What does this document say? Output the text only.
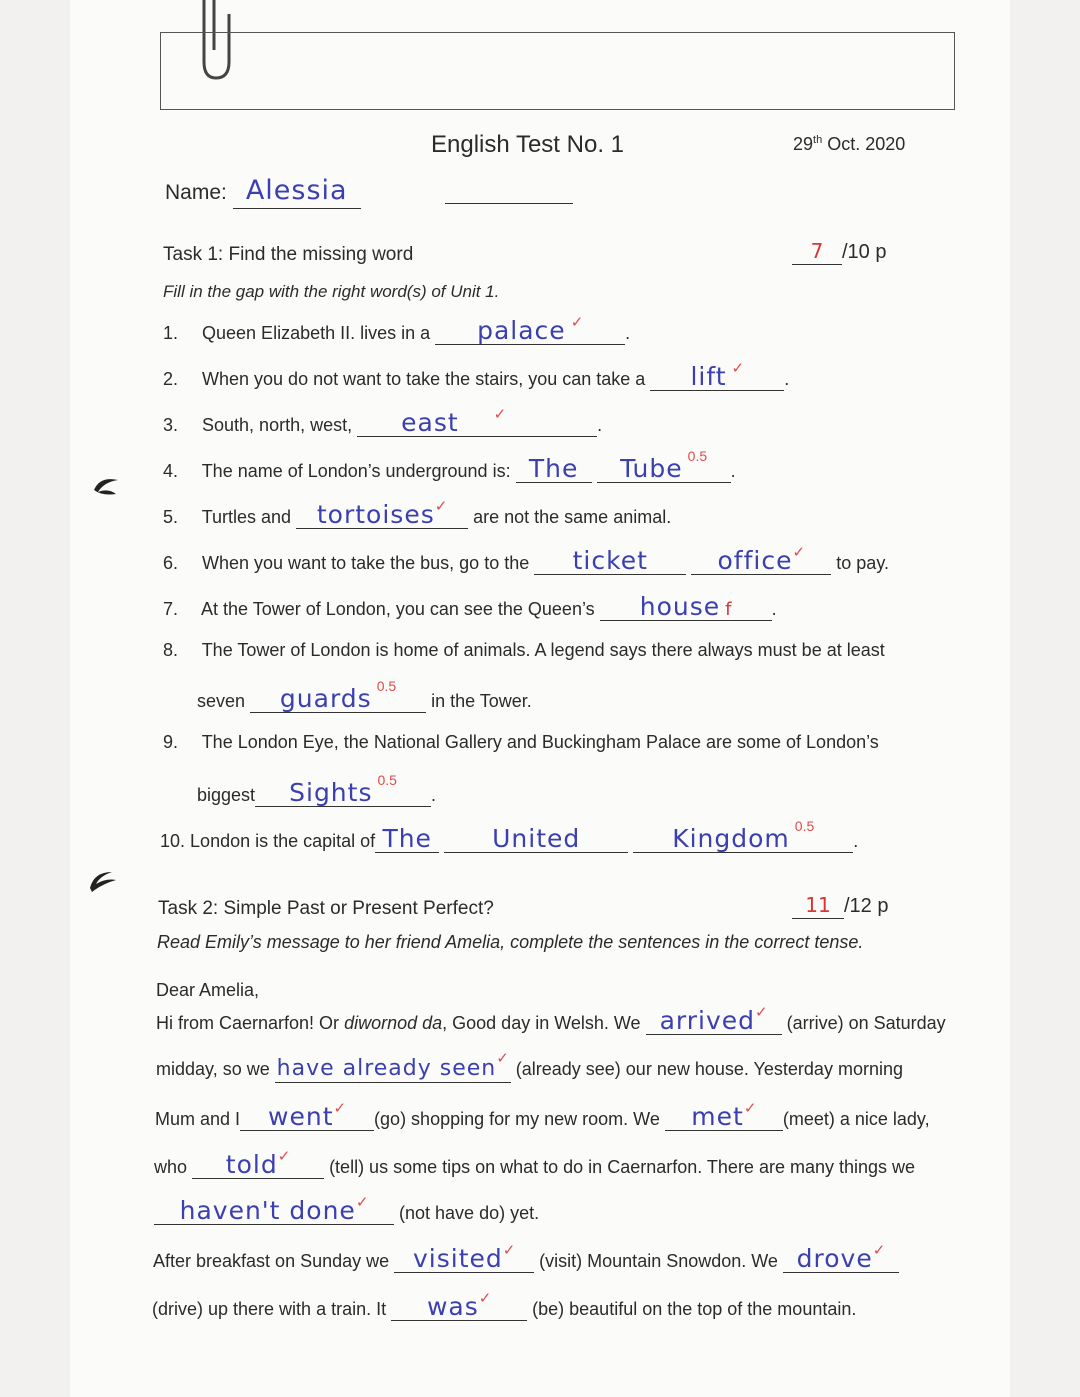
English Test No. 1	29th Oct. 2020
Name: Alessia
Task 1: Find the missing word	7 /10 p
Fill in the gap with the right word(s) of Unit 1.
1. Queen Elizabeth II. lives in a palace ✓.
2. When you do not want to take the stairs, you can take a lift ✓.
3. South, north, west, east ✓.
4. The name of London’s underground is: The Tube $^{0.5}$.
5. Turtles and tortoises✓ are not the same animal.
6. When you want to take the bus, go to the ticket	office✓ to pay.
7. At the Tower of London, you can see the Queen’s house f .
8. The Tower of London is home of animals. A legend says there always must be at least
seven guards $^{0.5}$ in the Tower.
9. The London Eye, the National Gallery and Buckingham Palace are some of London’s
biggest Sights $^{0.5}$.
10. London is the capital of The United	Kingdom $^{0.5}$.
Task 2: Simple Past or Present Perfect?	11 /12 p
Read Emily’s message to her friend Amelia, complete the sentences in the correct tense.
Dear Amelia,
Hi from Caernarfon! Or diwornod da, Good day in Welsh. We arrived✓ (arrive) on Saturday
midday, so we have already seen✓ (already see) our new house. Yesterday morning
Mum and I went✓(go) shopping for my new room. We met✓(meet) a nice lady,
who told✓ (tell) us some tips on what to do in Caernarfon. There are many things we
haven't done✓ (not have do) yet.
After breakfast on Sunday we visited✓ (visit) Mountain Snowdon. We drove✓
(drive) up there with a train. It was✓ (be) beautiful on the top of the mountain.
